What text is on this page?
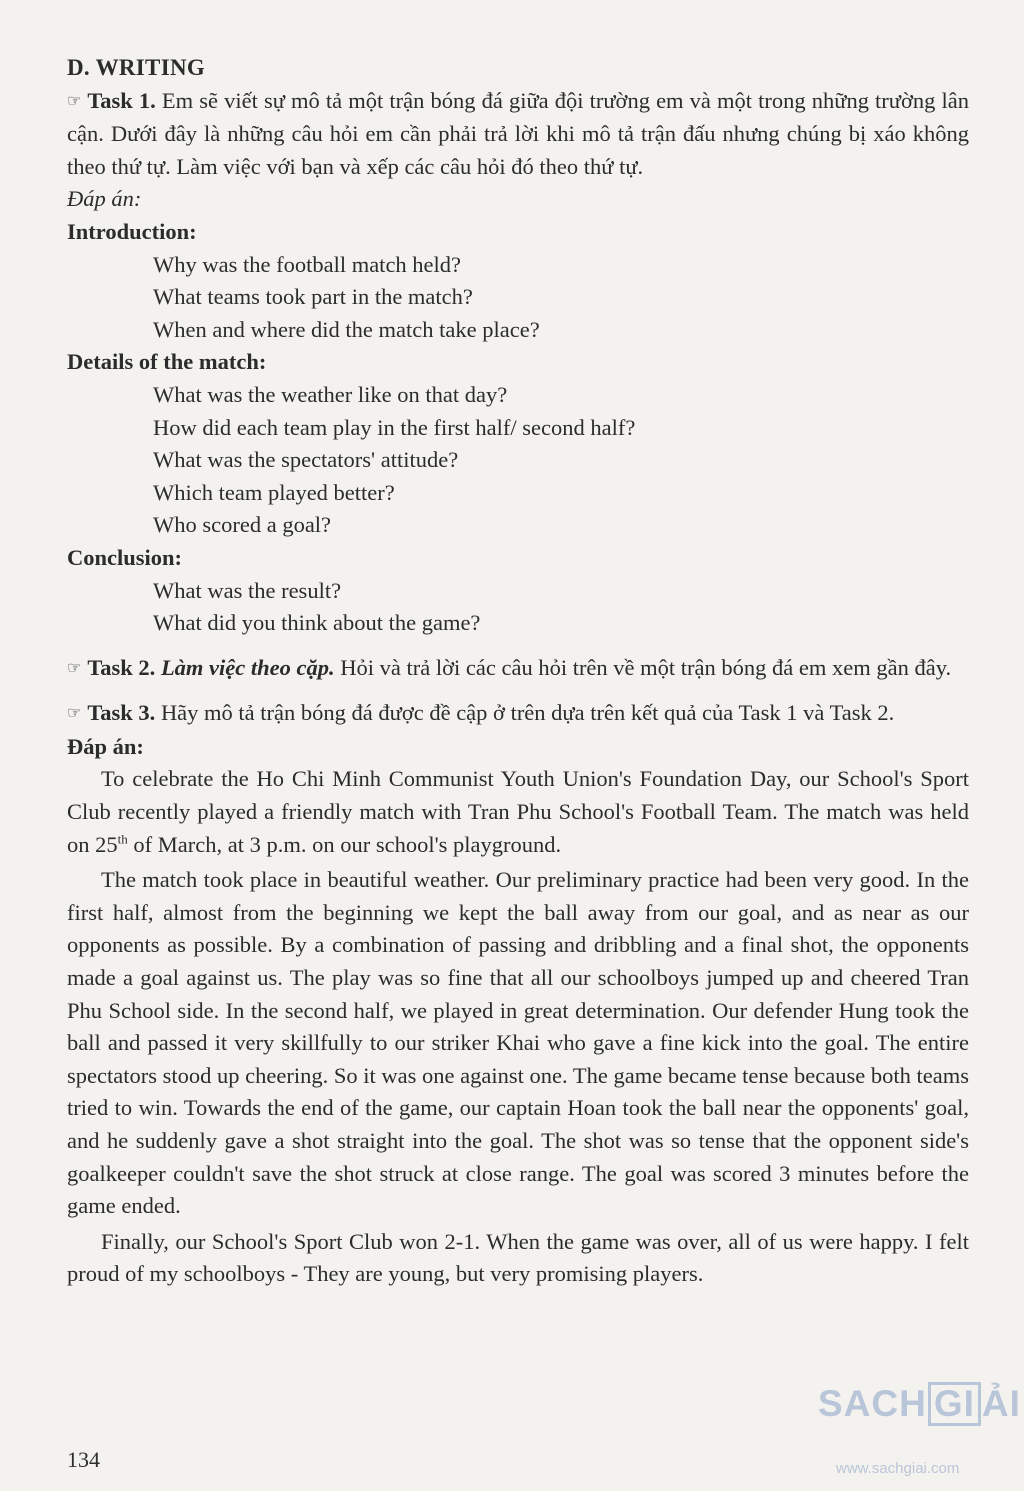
D. WRITING
☞ Task 1. Em sẽ viết sự mô tả một trận bóng đá giữa đội trường em và một trong những trường lân cận. Dưới đây là những câu hỏi em cần phải trả lời khi mô tả trận đấu nhưng chúng bị xáo không theo thứ tự. Làm việc với bạn và xếp các câu hỏi đó theo thứ tự.
Đáp án:
Introduction:
Why was the football match held?
What teams took part in the match?
When and where did the match take place?
Details of the match:
What was the weather like on that day?
How did each team play in the first half/ second half?
What was the spectators' attitude?
Which team played better?
Who scored a goal?
Conclusion:
What was the result?
What did you think about the game?
☞ Task 2. Làm việc theo cặp. Hỏi và trả lời các câu hỏi trên về một trận bóng đá em xem gần đây.
☞ Task 3. Hãy mô tả trận bóng đá được đề cập ở trên dựa trên kết quả của Task 1 và Task 2.
Đáp án:
To celebrate the Ho Chi Minh Communist Youth Union's Foundation Day, our School's Sport Club recently played a friendly match with Tran Phu School's Football Team. The match was held on 25th of March, at 3 p.m. on our school's playground.
The match took place in beautiful weather. Our preliminary practice had been very good. In the first half, almost from the beginning we kept the ball away from our goal, and as near as our opponents as possible. By a combination of passing and dribbling and a final shot, the opponents made a goal against us. The play was so fine that all our schoolboys jumped up and cheered Tran Phu School side. In the second half, we played in great determination. Our defender Hung took the ball and passed it very skillfully to our striker Khai who gave a fine kick into the goal. The entire spectators stood up cheering. So it was one against one. The game became tense because both teams tried to win. Towards the end of the game, our captain Hoan took the ball near the opponents' goal, and he suddenly gave a shot straight into the goal. The shot was so tense that the opponent side's goalkeeper couldn't save the shot struck at close range. The goal was scored 3 minutes before the game ended.
Finally, our School's Sport Club won 2-1. When the game was over, all of us were happy. I felt proud of my schoolboys - They are young, but very promising players.
134
SACH GI ẢI
www.sachgiai.com
